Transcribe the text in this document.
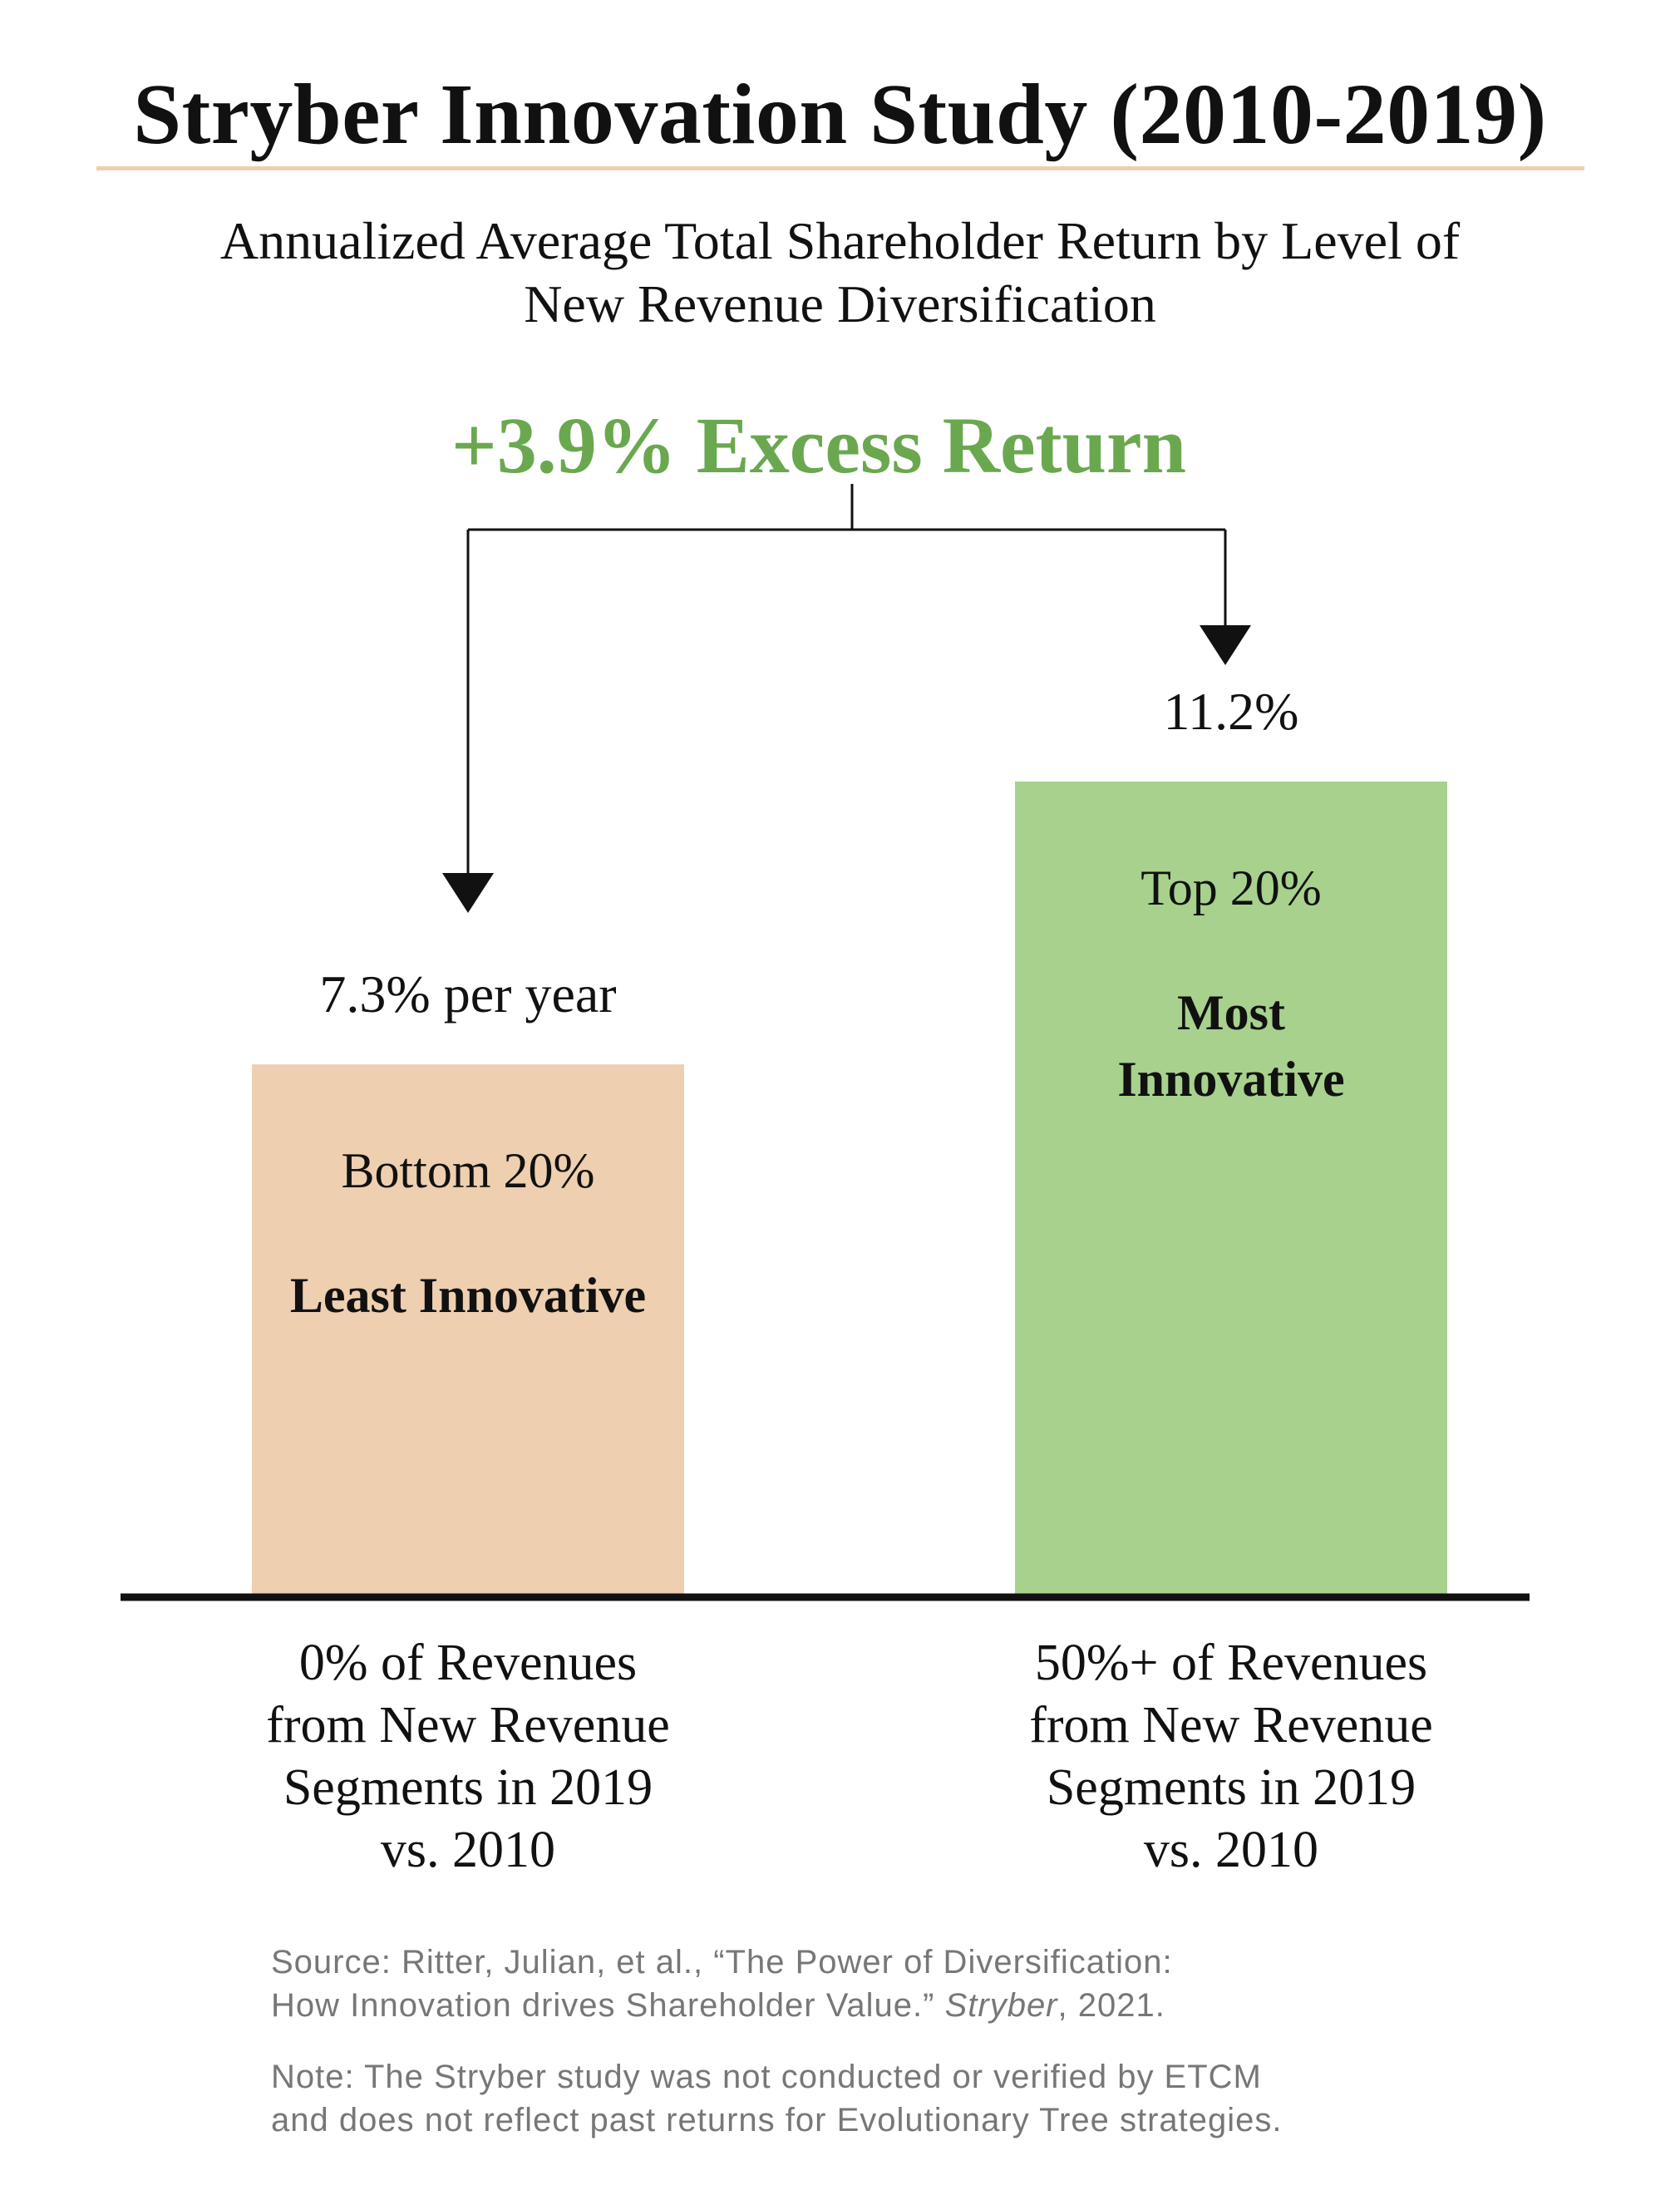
Stryber Innovation Study (2010-2019)
Annualized Average Total Shareholder Return by Level of
New Revenue Diversification
+3.9% Excess Return
7.3% per year
Bottom 20%
Least Innovative
0% of Revenues
from New Revenue
Segments in 2019
vs. 2010
11.2%
Top 20%
Most
Innovative
50%+ of Revenues
from New Revenue
Segments in 2019
vs. 2010
Source: Ritter, Julian, et al., “The Power of Diversification:
How Innovation drives Shareholder Value.” Stryber, 2021.
Note: The Stryber study was not conducted or verified by ETCM
and does not reflect past returns for Evolutionary Tree strategies.
